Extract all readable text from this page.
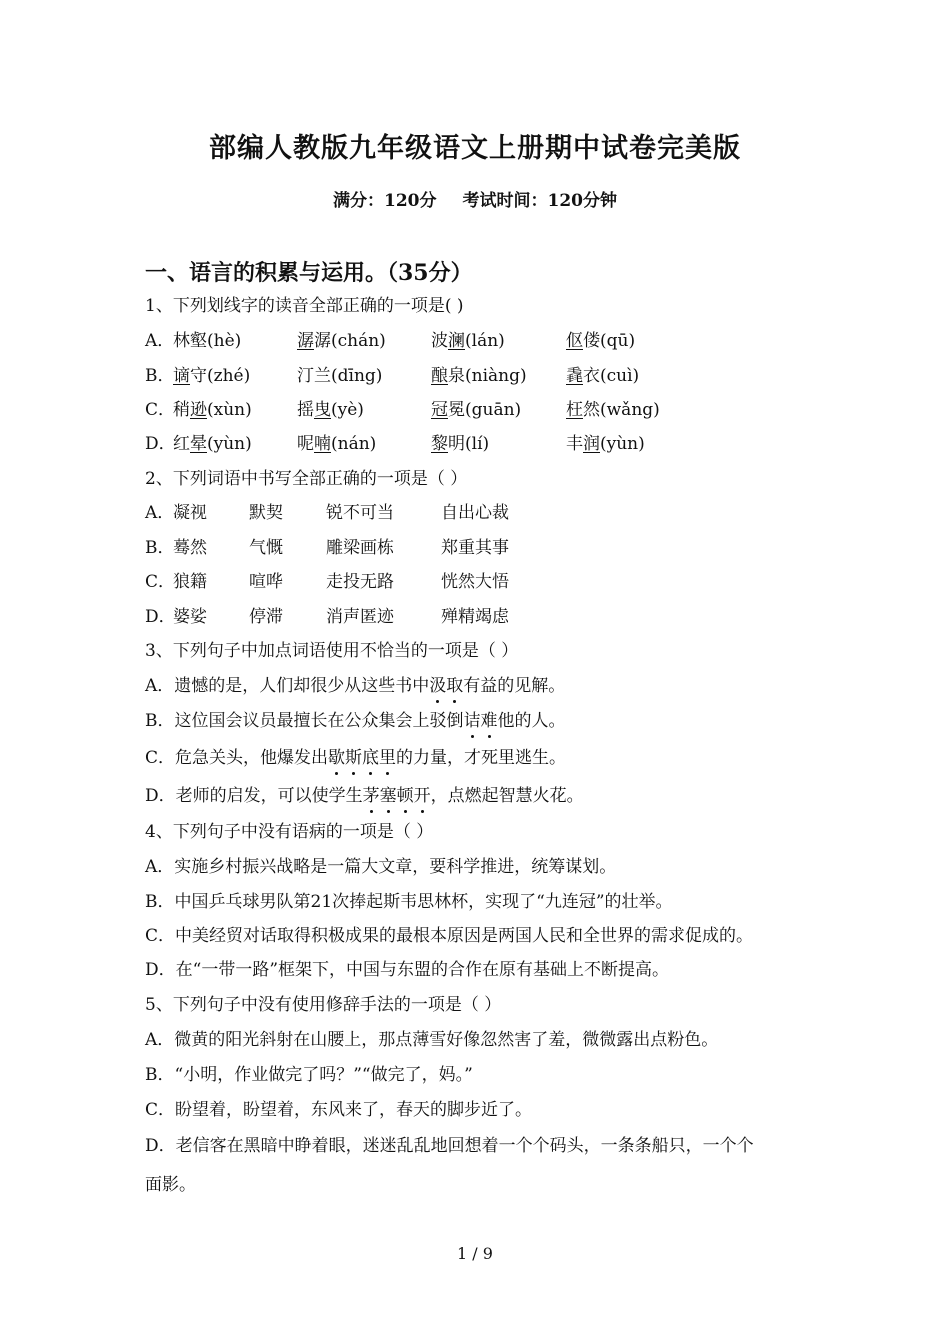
部编人教版九年级语文上册期中试卷完美版
满分：120分 考试时间：120分钟
一、语言的积累与运用。（35分）
1、下列划线字的读音全部正确的一项是( )
A．
林壑(hè)	潺潺(chán)	波澜(lán)	伛偻(qū)
B．
谪守(zhé)	汀兰(dīng)	酿泉(niàng) 毳衣(cuì)
C．
稍逊(xùn)	摇曳(yè)	冠冕(guān)	枉然(wǎng)
D．
红晕(yùn)	呢喃(nán)	黎明(lí)	丰润(yùn)
2、下列词语中书写全部正确的一项是（ ）
A．
凝视 默契	锐不可当	自出心裁
B．
蓦然 气慨	雕梁画栋	郑重其事
C．
狼籍 喧哗	走投无路	恍然大悟
D．
婆娑 停滞	消声匿迹	殚精竭虑
3、下列句子中加点词语使用不恰当的一项是（ ）
A．遗憾的是，人们却很少从这些书中汲取有益的见解。
B．这位国会议员最擅长在公众集会上驳倒诘难他的人。
C．危急关头，他爆发出歇斯底里的力量，才死里逃生。
D．老师的启发，可以使学生茅塞顿开，点燃起智慧火花。
4、下列句子中没有语病的一项是（ ）
A．实施乡村振兴战略是一篇大文章，要科学推进，统筹谋划。
B．中国乒乓球男队第21次捧起斯韦思林杯，实现了“九连冠”的壮举。
C．中美经贸对话取得积极成果的最根本原因是两国人民和全世界的需求促成的。
D．在“一带一路”框架下，中国与东盟的合作在原有基础上不断提高。
5、下列句子中没有使用修辞手法的一项是（ ）
A．微黄的阳光斜射在山腰上，那点薄雪好像忽然害了羞，微微露出点粉色。
B．“小明，作业做完了吗？”“做完了，妈。”
C．盼望着，盼望着，东风来了，春天的脚步近了。
D．老信客在黑暗中睁着眼，迷迷乱乱地回想着一个个码头，一条条船只，一个个
面影。
1 / 9
